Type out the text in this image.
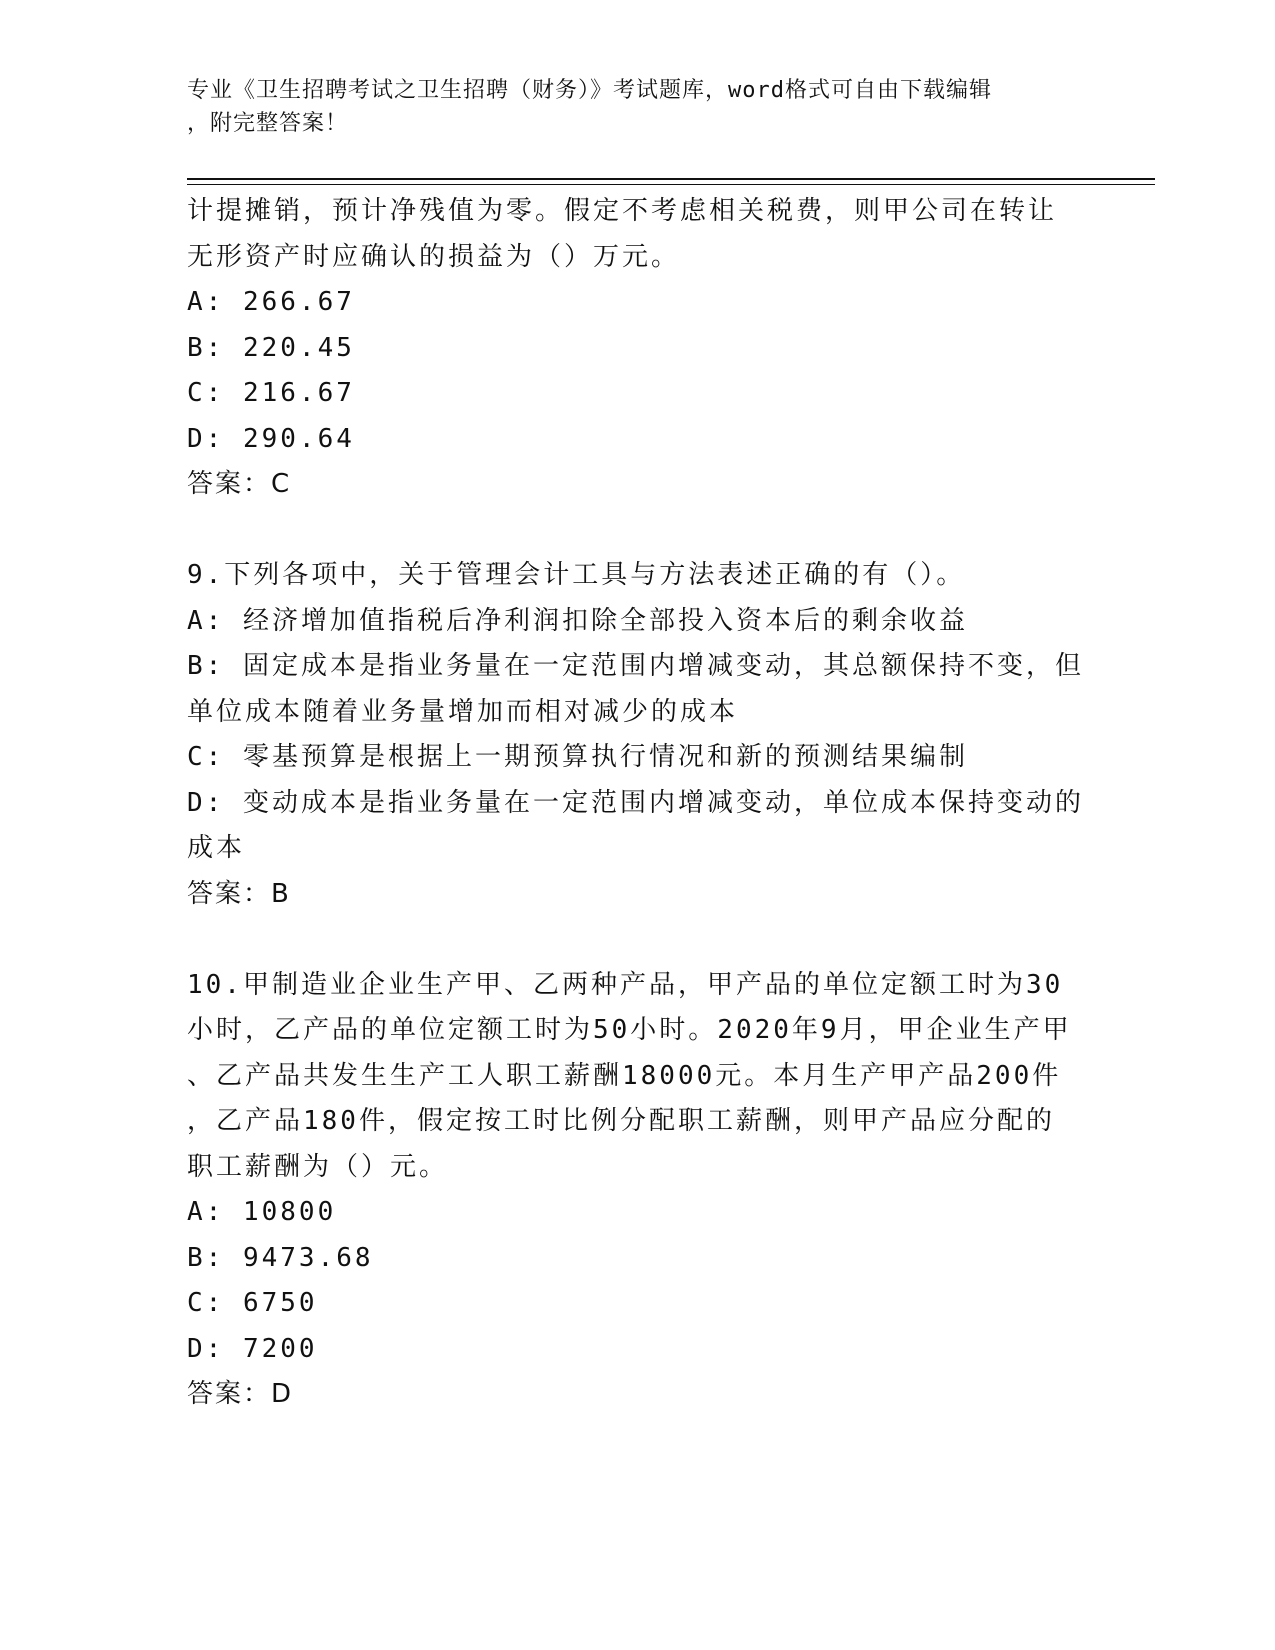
专业《卫生招聘考试之卫生招聘（财务）》考试题库，word格式可自由下载编辑
，附完整答案！
计提摊销，预计净残值为零。假定不考虑相关税费，则甲公司在转让
无形资产时应确认的损益为（）万元。
A: 266.67
B: 220.45
C: 216.67
D: 290.64
答案：C
9.下列各项中，关于管理会计工具与方法表述正确的有（）。
A: 经济增加值指税后净利润扣除全部投入资本后的剩余收益
B: 固定成本是指业务量在一定范围内增减变动，其总额保持不变，但
单位成本随着业务量增加而相对减少的成本
C: 零基预算是根据上一期预算执行情况和新的预测结果编制
D: 变动成本是指业务量在一定范围内增减变动，单位成本保持变动的
成本
答案：B
10.甲制造业企业生产甲、乙两种产品，甲产品的单位定额工时为30
小时，乙产品的单位定额工时为50小时。2020年9月，甲企业生产甲
、乙产品共发生生产工人职工薪酬18000元。本月生产甲产品200件
，乙产品180件，假定按工时比例分配职工薪酬，则甲产品应分配的
职工薪酬为（）元。
A: 10800
B: 9473.68
C: 6750
D: 7200
答案：D
